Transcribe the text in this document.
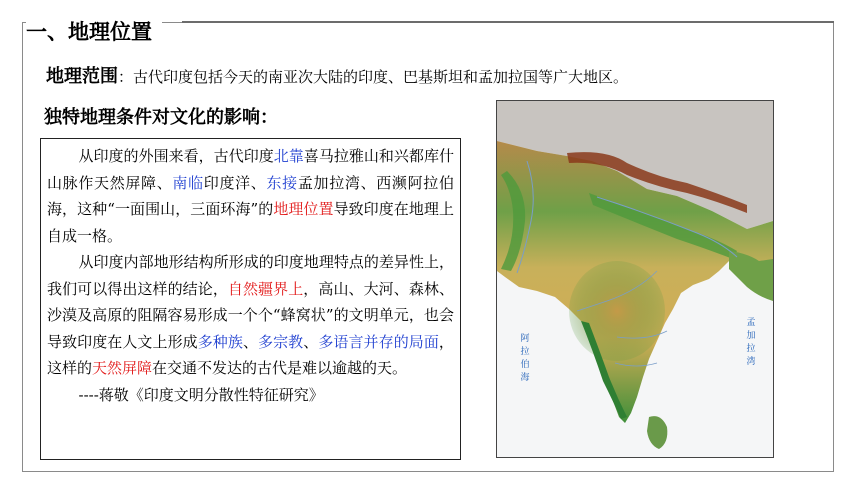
一、地理位置
地理范围：古代印度包括今天的南亚次大陆的印度、巴基斯坦和孟加拉国等广大地区。
独特地理条件对文化的影响：

从印度的外围来看，古代印度北靠喜马拉雅山和兴都库什山脉作天然屏障、南临印度洋、东接孟加拉湾、西濒阿拉伯海，这种“一面围山，三面环海”的地理位置导致印度在地理上自成一格。

从印度内部地形结构所形成的印度地理特点的差异性上，我们可以得出这样的结论，自然疆界上，高山、大河、森林、沙漠及高原的阻隔容易形成一个个“蜂窝状”的文明单元，也会导致印度在人文上形成多种族、多宗教、多语言并存的局面，这样的天然屏障在交通不发达的古代是难以逾越的天。

----蒋敬《印度文明分散性特征研究》

阿拉伯海
孟加拉湾
